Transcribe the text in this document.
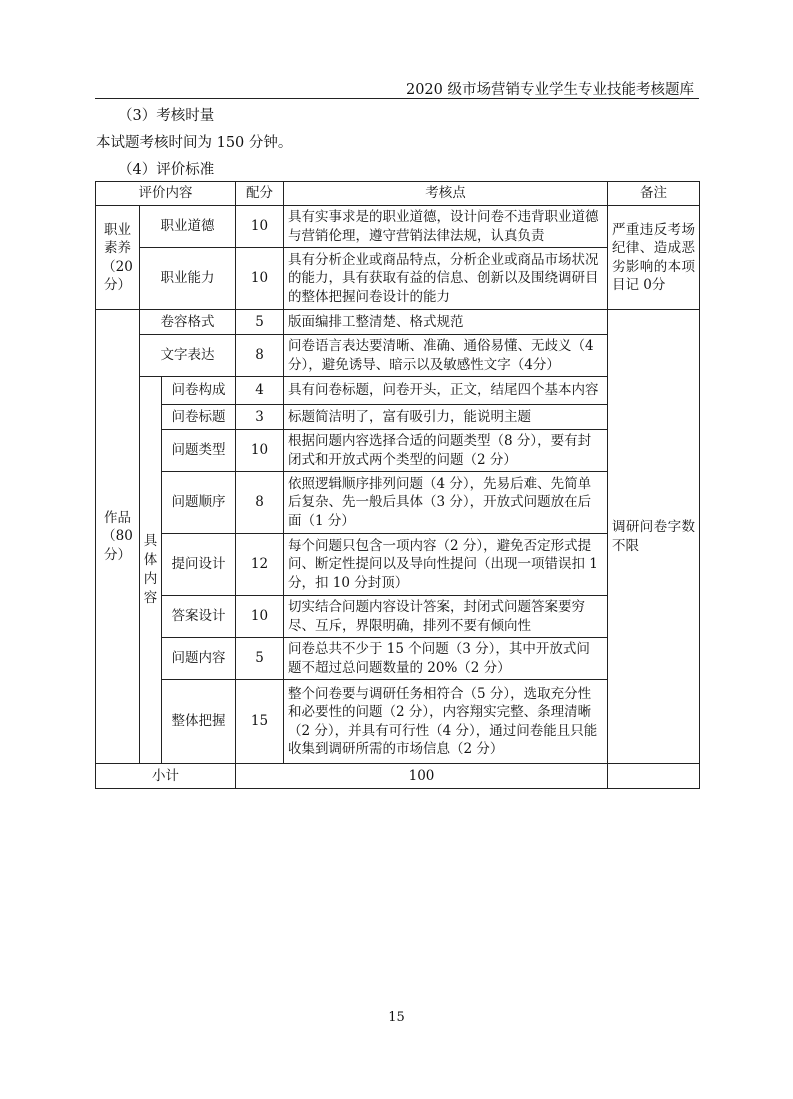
2020 级市场营销专业学生专业技能考核题库
（3）考核时量
本试题考核时间为 150 分钟。
（4）评价标准
评价内容			配分	考核点	备注
职业素养（20分）	职业道德		10	具有实事求是的职业道德，设计问卷不违背职业道德与营销伦理，遵守营销法律法规，认真负责	严重违反考场纪律、造成恶劣影响的本项目记 0分
	职业能力		10	具有分析企业或商品特点，分析企业或商品市场状况的能力，具有获取有益的信息、创新以及围绕调研目的整体把握问卷设计的能力	
作品（80分）	卷容格式		5	版面编排工整清楚、格式规范	调研问卷字数不限
	文字表达		8	问卷语言表达要清晰、准确、通俗易懂、无歧义（4分），避免诱导、暗示以及敏感性文字（4分）	

	具体内容	问卷构成	4	具有问卷标题，问卷开头，正文，结尾四个基本内容	
		问卷标题	3	标题简洁明了，富有吸引力，能说明主题	
		问题类型	10	根据问题内容选择合适的问题类型（8 分），要有封闭式和开放式两个类型的问题（2 分）	
		问题顺序	8	依照逻辑顺序排列问题（4 分），先易后难、先简单后复杂、先一般后具体（3 分），开放式问题放在后面（1 分）	
		提问设计	12	每个问题只包含一项内容（2 分），避免否定形式提问、断定性提问以及导向性提问（出现一项错误扣 1 分，扣 10 分封顶）	
		答案设计	10	切实结合问题内容设计答案，封闭式问题答案要穷尽、互斥，界限明确，排列不要有倾向性	
		问题内容	5	问卷总共不少于 15 个问题（3 分），其中开放式问题不超过总问题数量的 20%（2 分）	
		整体把握	15	整个问卷要与调研任务相符合（5 分），选取充分性和必要性的问题（2 分），内容翔实完整、条理清晰（2 分），并具有可行性（4 分），通过问卷能且只能收集到调研所需的市场信息（2 分）	
小计			100		
15
